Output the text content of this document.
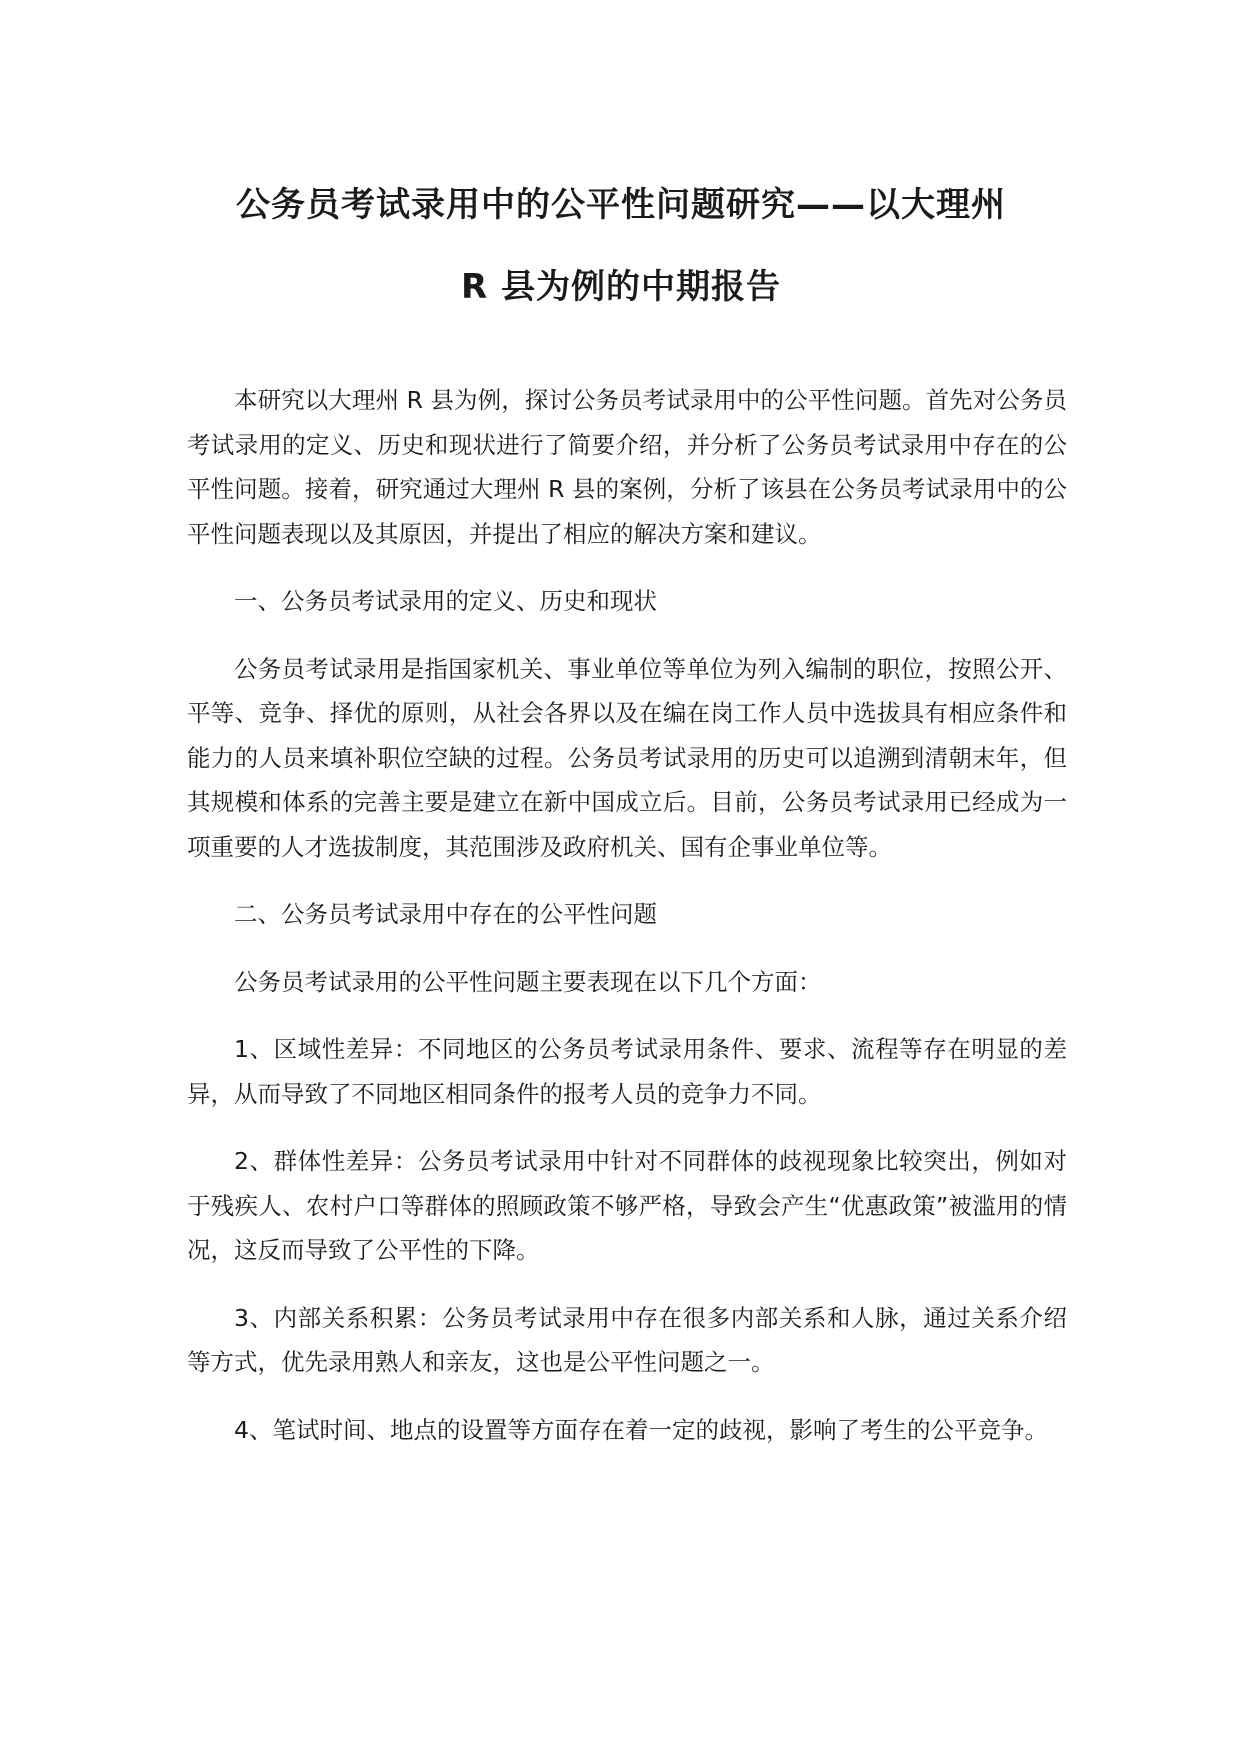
公务员考试录用中的公平性问题研究——以大理州
R 县为例的中期报告

本研究以大理州 R 县为例，探讨公务员考试录用中的公平性问题。首先对公务员考试录用的定义、历史和现状进行了简要介绍，并分析了公务员考试录用中存在的公平性问题。接着，研究通过大理州 R 县的案例，分析了该县在公务员考试录用中的公平性问题表现以及其原因，并提出了相应的解决方案和建议。

一、公务员考试录用的定义、历史和现状

公务员考试录用是指国家机关、事业单位等单位为列入编制的职位，按照公开、平等、竞争、择优的原则，从社会各界以及在编在岗工作人员中选拔具有相应条件和能力的人员来填补职位空缺的过程。公务员考试录用的历史可以追溯到清朝末年，但其规模和体系的完善主要是建立在新中国成立后。目前，公务员考试录用已经成为一项重要的人才选拔制度，其范围涉及政府机关、国有企事业单位等。

二、公务员考试录用中存在的公平性问题

公务员考试录用的公平性问题主要表现在以下几个方面：

1、区域性差异：不同地区的公务员考试录用条件、要求、流程等存在明显的差异，从而导致了不同地区相同条件的报考人员的竞争力不同。

2、群体性差异：公务员考试录用中针对不同群体的歧视现象比较突出，例如对于残疾人、农村户口等群体的照顾政策不够严格，导致会产生“优惠政策”被滥用的情况，这反而导致了公平性的下降。

3、内部关系积累：公务员考试录用中存在很多内部关系和人脉，通过关系介绍等方式，优先录用熟人和亲友，这也是公平性问题之一。

4、笔试时间、地点的设置等方面存在着一定的歧视，影响了考生的公平竞争。
